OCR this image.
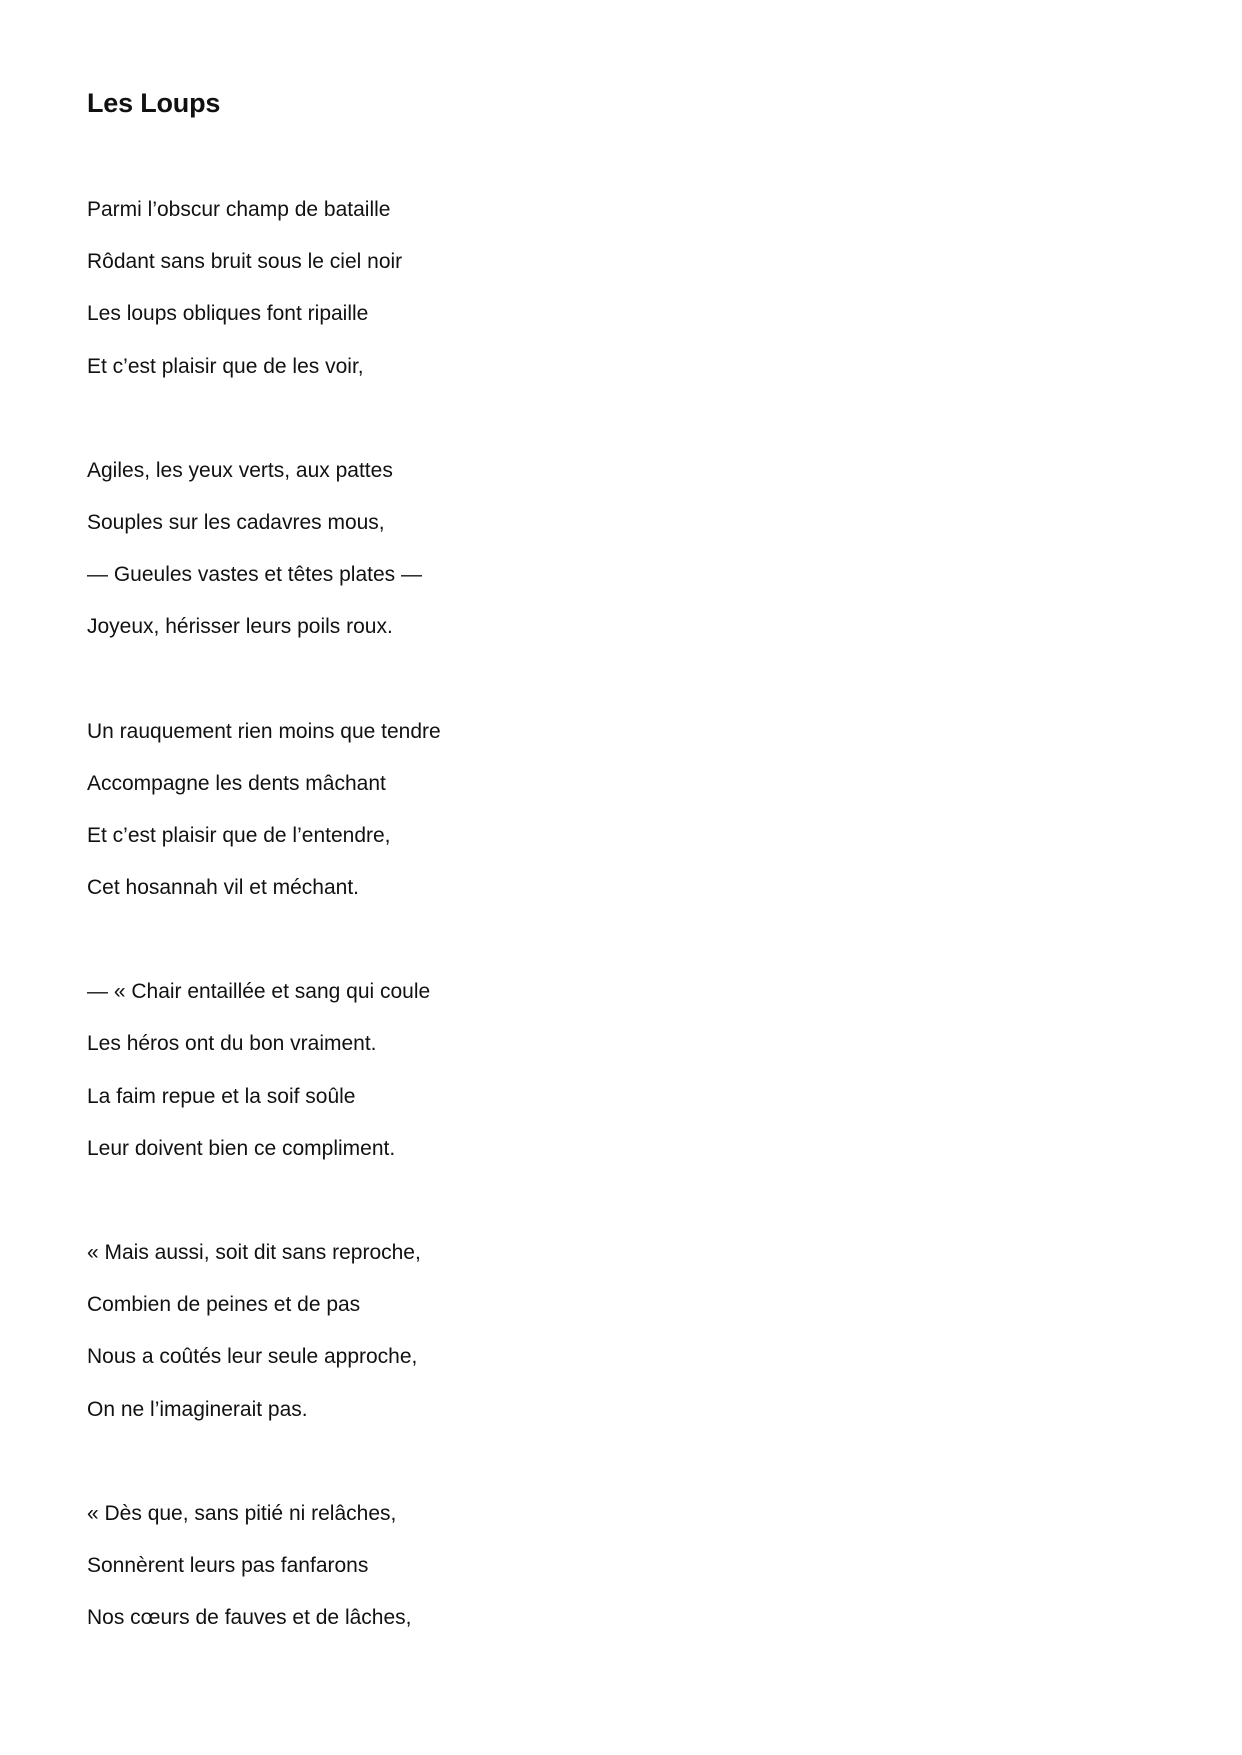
Les Loups
Parmi l’obscur champ de bataille
Rôdant sans bruit sous le ciel noir
Les loups obliques font ripaille
Et c’est plaisir que de les voir,
Agiles, les yeux verts, aux pattes
Souples sur les cadavres mous,
— Gueules vastes et têtes plates —
Joyeux, hérisser leurs poils roux.
Un rauquement rien moins que tendre
Accompagne les dents mâchant
Et c’est plaisir que de l’entendre,
Cet hosannah vil et méchant.
— « Chair entaillée et sang qui coule
Les héros ont du bon vraiment.
La faim repue et la soif soûle
Leur doivent bien ce compliment.
« Mais aussi, soit dit sans reproche,
Combien de peines et de pas
Nous a coûtés leur seule approche,
On ne l’imaginerait pas.
« Dès que, sans pitié ni relâches,
Sonnèrent leurs pas fanfarons
Nos cœurs de fauves et de lâches,
